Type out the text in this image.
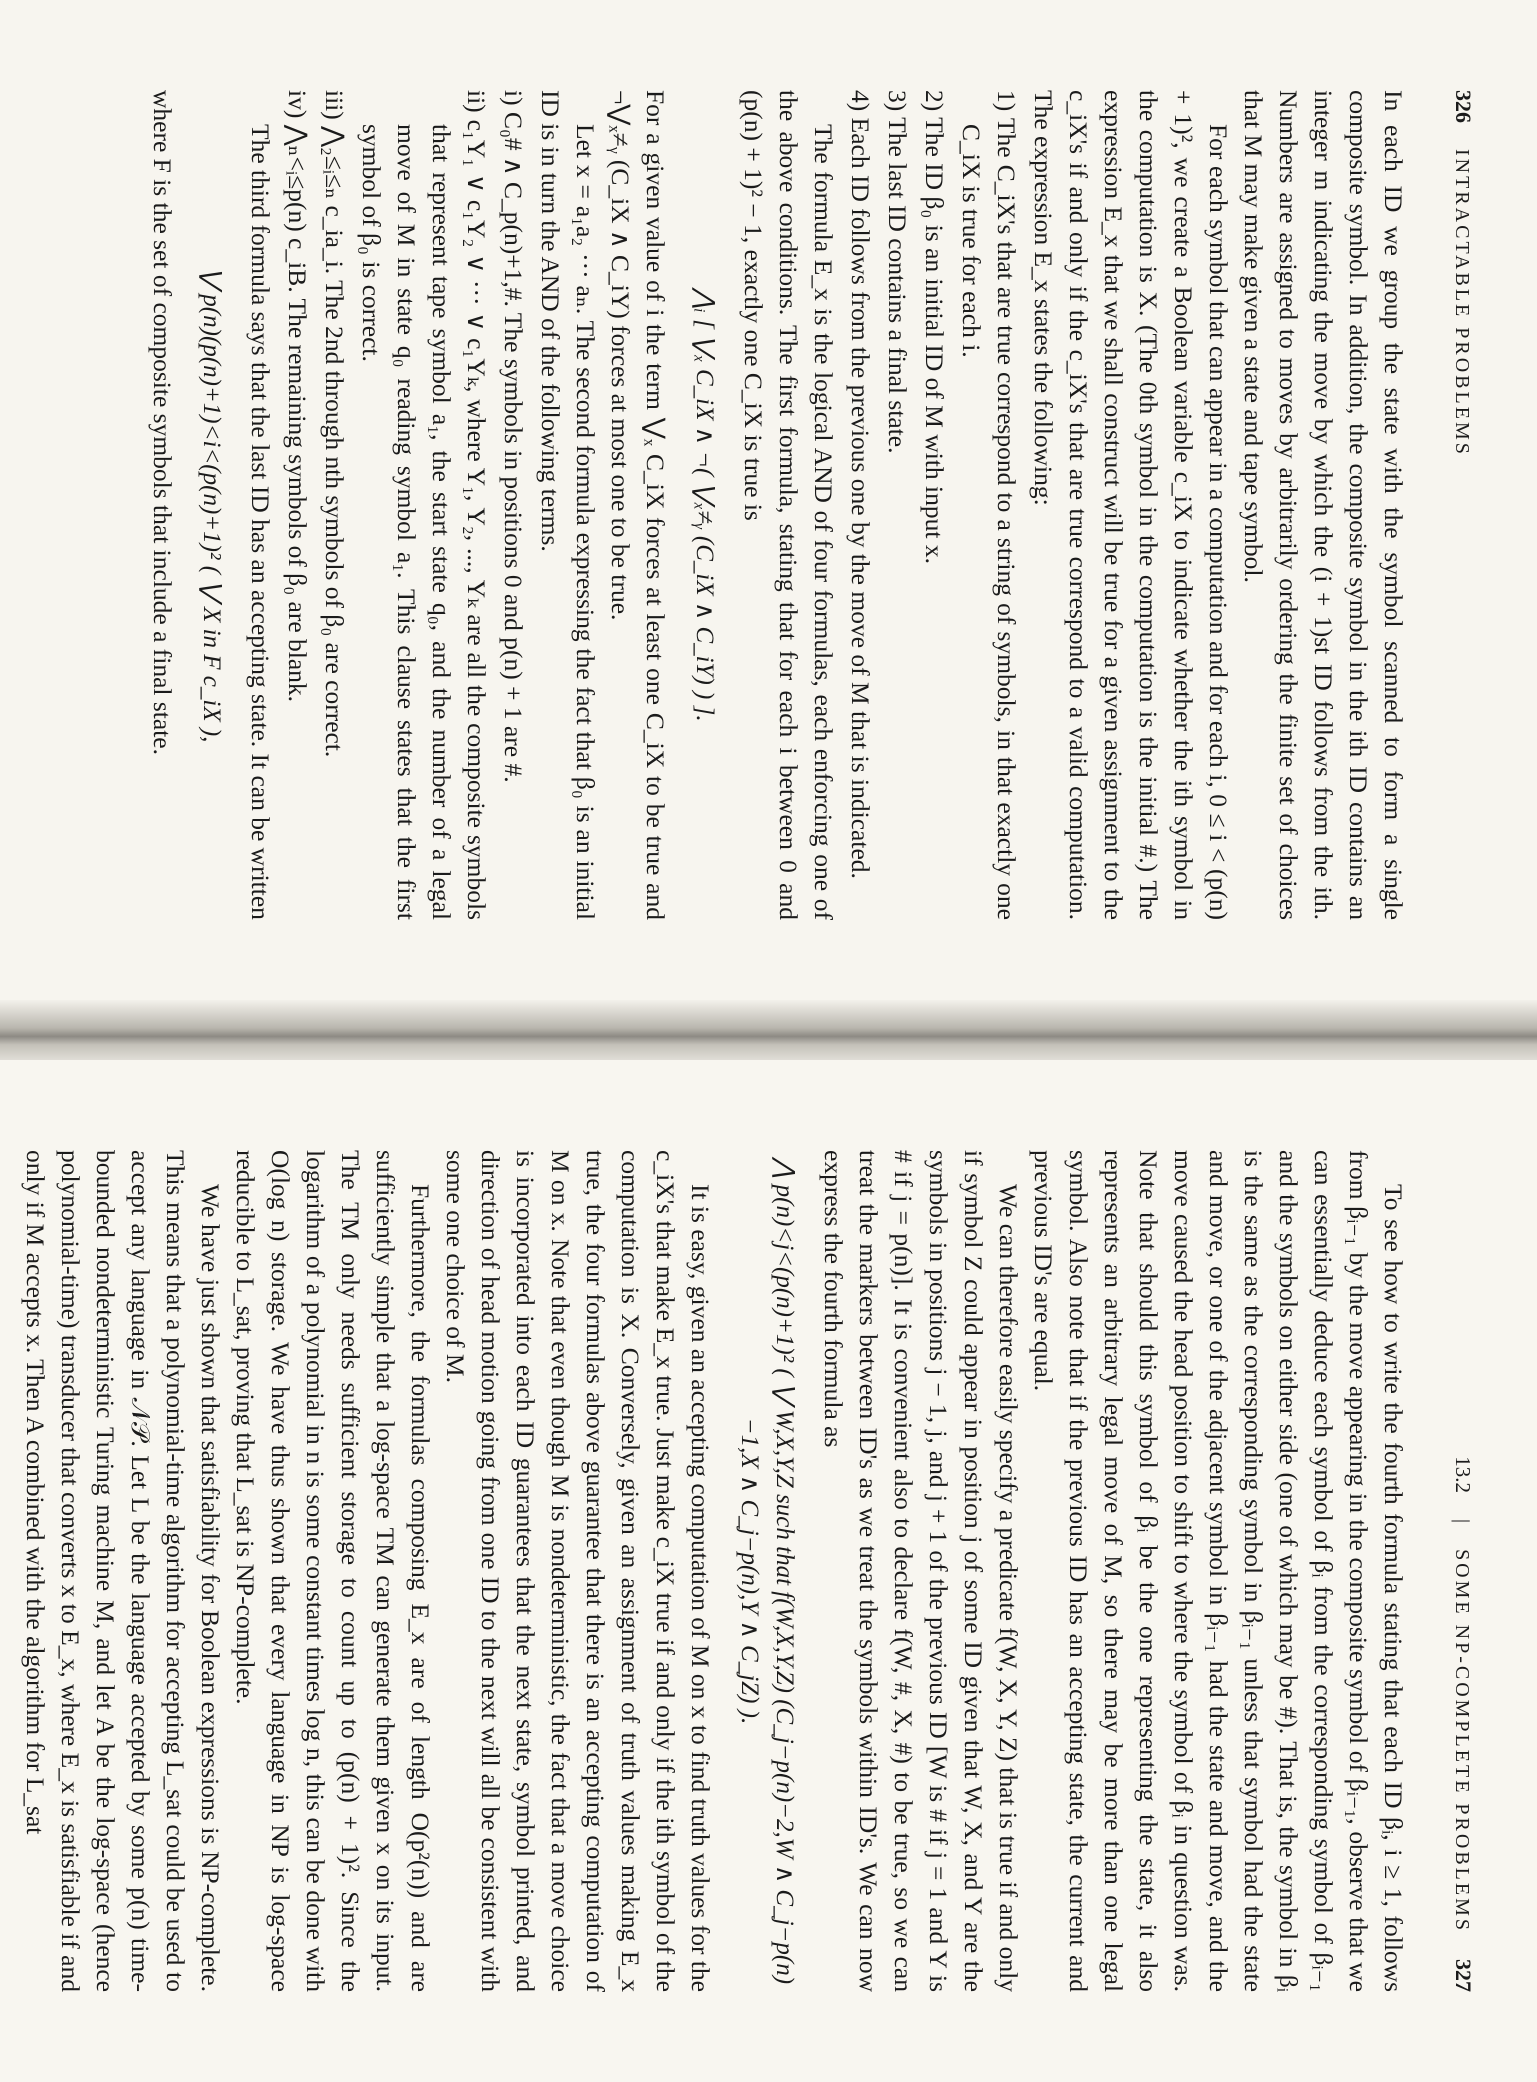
326
INTRACTABLE PROBLEMS

In each ID we group the state with the symbol scanned to form a single composite symbol. In addition, the composite symbol in the ith ID contains an integer m indicating the move by which the (i + 1)st ID follows from the ith. Numbers are assigned to moves by arbitrarily ordering the finite set of choices that M may make given a state and tape symbol.

For each symbol that can appear in a computation and for each i, 0 ≤ i < (p(n) + 1)², we create a Boolean variable c_iX to indicate whether the ith symbol in the computation is X. (The 0th symbol in the computation is the initial #.) The expression E_x that we shall construct will be true for a given assignment to the c_iX's if and only if the c_iX's that are true correspond to a valid computation. The expression E_x states the following:

1) The C_iX's that are true correspond to a string of symbols, in that exactly one C_iX is true for each i.
2) The ID β₀ is an initial ID of M with input x.
3) The last ID contains a final state.
4) Each ID follows from the previous one by the move of M that is indicated.

The formula E_x is the logical AND of four formulas, each enforcing one of the above conditions. The first formula, stating that for each i between 0 and (p(n) + 1)² − 1, exactly one C_iX is true is

⋀ᵢ [ ⋁ₓ C_iX ∧ ¬( ⋁ₓ≠ᵧ (C_iX ∧ C_iY) ) ].

For a given value of i the term ⋁ₓ C_iX forces at least one C_iX to be true and ¬⋁ₓ≠ᵧ (C_iX ∧ C_iY) forces at most one to be true.

Let x = a₁a₂ ··· aₙ. The second formula expressing the fact that β₀ is an initial ID is in turn the AND of the following terms.

i) C₀# ∧ C_p(n)+1,#. The symbols in positions 0 and p(n) + 1 are #.
ii) c₁Y₁ ∨ c₁Y₂ ∨ ··· ∨ c₁Yₖ, where Y₁, Y₂, ..., Yₖ are all the composite symbols that represent tape symbol a₁, the start state q₀, and the number of a legal move of M in state q₀ reading symbol a₁. This clause states that the first symbol of β₀ is correct.
iii) ⋀₂≤ᵢ≤ₙ c_ia_i. The 2nd through nth symbols of β₀ are correct.
iv) ⋀ₙ<ᵢ≤p(n) c_iB. The remaining symbols of β₀ are blank.

The third formula says that the last ID has an accepting state. It can be written

⋁ p(n)(p(n)+1)<i<(p(n)+1)² ( ⋁ X in F c_iX ),

where F is the set of composite symbols that include a final state.

13.2
|
SOME NP-COMPLETE PROBLEMS
327

To see how to write the fourth formula stating that each ID βᵢ, i ≥ 1, follows from βᵢ₋₁ by the move appearing in the composite symbol of βᵢ₋₁, observe that we can essentially deduce each symbol of βᵢ from the corresponding symbol of βᵢ₋₁ and the symbols on either side (one of which may be #). That is, the symbol in βᵢ is the same as the corresponding symbol in βᵢ₋₁ unless that symbol had the state and move, or one of the adjacent symbol in βᵢ₋₁ had the state and move, and the move caused the head position to shift to where the symbol of βᵢ in question was. Note that should this symbol of βᵢ be the one representing the state, it also represents an arbitrary legal move of M, so there may be more than one legal symbol. Also note that if the previous ID has an accepting state, the current and previous ID's are equal.

We can therefore easily specify a predicate f(W, X, Y, Z) that is true if and only if symbol Z could appear in position j of some ID given that W, X, and Y are the symbols in positions j − 1, j, and j + 1 of the previous ID [W is # if j = 1 and Y is # if j = p(n)]. It is convenient also to declare f(W, #, X, #) to be true, so we can treat the markers between ID's as we treat the symbols within ID's. We can now express the fourth formula as

⋀ p(n)<j<(p(n)+1)² ( ⋁ W,X,Y,Z such that f(W,X,Y,Z) (C_j−p(n)−2,W ∧ C_j−p(n)−1,X ∧ C_j−p(n),Y ∧ C_jZ) ).

It is easy, given an accepting computation of M on x to find truth values for the c_iX's that make E_x true. Just make c_iX true if and only if the ith symbol of the computation is X. Conversely, given an assignment of truth values making E_x true, the four formulas above guarantee that there is an accepting computation of M on x. Note that even though M is nondeterministic, the fact that a move choice is incorporated into each ID guarantees that the next state, symbol printed, and direction of head motion going from one ID to the next will all be consistent with some one choice of M.

Furthermore, the formulas composing E_x are of length O(p²(n)) and are sufficiently simple that a log-space TM can generate them given x on its input. The TM only needs sufficient storage to count up to (p(n) + 1)². Since the logarithm of a polynomial in n is some constant times log n, this can be done with O(log n) storage. We have thus shown that every language in NP is log-space reducible to L_sat, proving that L_sat is NP-complete.

We have just shown that satisfiability for Boolean expressions is NP-complete. This means that a polynomial-time algorithm for accepting L_sat could be used to accept any language in 𝒩𝒫. Let L be the language accepted by some p(n) time-bounded nondeterministic Turing machine M, and let A be the log-space (hence polynomial-time) transducer that converts x to E_x, where E_x is satisfiable if and only if M accepts x. Then A combined with the algorithm for L_sat
